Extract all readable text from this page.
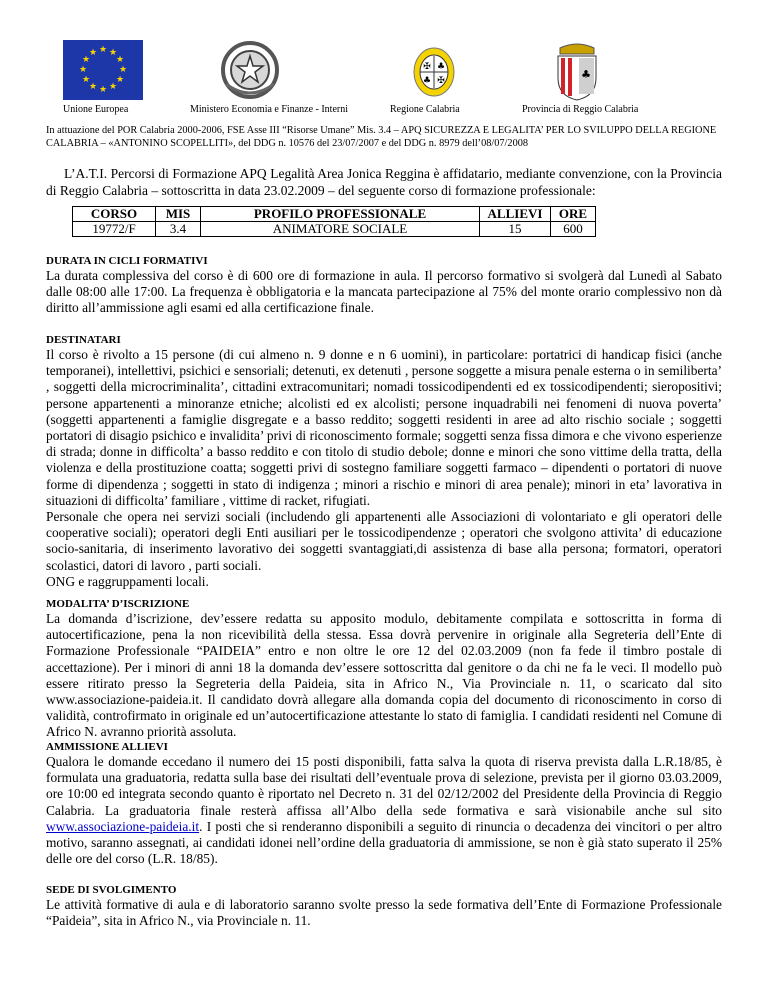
★ ★
★
★
★
★
★
★
★
★
★
★
Unione Europea	Ministero Economia e Finanze - Interni
✠ ♣
♣ ✠
Regione Calabria
♣
Provincia di Reggio Calabria
In attuazione del POR Calabria 2000-2006, FSE Asse III “Risorse Umane” Mis. 3.4 – APQ SICUREZZA E LEGALITA’ PER LO SVILUPPO DELLA REGIONE CALABRIA – «ANTONINO SCOPELLITI», del DDG n. 10576 del 23/07/2007 e del DDG n. 8979 dell’08/07/2008
L’A.T.I. Percorsi di Formazione APQ Legalità Area Jonica Reggina è affidatario, mediante convenzione, con la Provincia di Reggio Calabria – sottoscritta in data 23.02.2009 – del seguente corso di formazione professionale:
CORSO	MIS	PROFILO PROFESSIONALE	ALLIEVI	ORE
19772/F	3.4	ANIMATORE SOCIALE	15	600
DURATA IN CICLI FORMATIVI
La durata complessiva del corso è di 600 ore di formazione in aula. Il percorso formativo si svolgerà dal Lunedì al Sabato dalle 08:00 alle 17:00. La frequenza è obbligatoria e la mancata partecipazione al 75% del monte orario complessivo non dà diritto all’ammissione agli esami ed alla certificazione finale.
DESTINATARI
Il corso è rivolto a 15 persone (di cui almeno n. 9 donne e n 6 uomini), in particolare: portatrici di handicap fisici (anche temporanei), intellettivi, psichici e sensoriali; detenuti, ex detenuti , persone soggette a misura penale esterna o in semiliberta’ , soggetti della microcriminalita’, cittadini extracomunitari; nomadi tossicodipendenti ed ex tossicodipendenti; sieropositivi; persone appartenenti a minoranze etniche; alcolisti ed ex alcolisti; persone inquadrabili nei fenomeni di nuova poverta’ (soggetti appartenenti a famiglie disgregate e a basso reddito; soggetti residenti in aree ad alto rischio sociale ; soggetti portatori di disagio psichico e invalidita’ privi di riconoscimento formale; soggetti senza fissa dimora e che vivono esperienze di strada; donne in difficolta’ a basso reddito e con titolo di studio debole; donne e minori che sono vittime della tratta, della violenza e della prostituzione coatta; soggetti privi di sostegno familiare soggetti farmaco – dipendenti o portatori di nuove forme di dipendenza ; soggetti in stato di indigenza ; minori a rischio e minori di area penale); minori in eta’ lavorativa in situazioni di difficolta’ familiare , vittime di racket, rifugiati.
Personale che opera nei servizi sociali (includendo gli appartenenti alle Associazioni di volontariato e gli operatori delle cooperative sociali); operatori degli Enti ausiliari per le tossicodipendenze ; operatori che svolgono attivita’ di educazione socio-sanitaria, di inserimento lavorativo dei soggetti svantaggiati,di assistenza di base alla persona; formatori, operatori scolastici, datori di lavoro , parti sociali.
ONG e raggruppamenti locali.
MODALITA’ D’ISCRIZIONE
La domanda d’iscrizione, dev’essere redatta su apposito modulo, debitamente compilata e sottoscritta in forma di autocertificazione, pena la non ricevibilità della stessa. Essa dovrà pervenire in originale alla Segreteria dell’Ente di Formazione Professionale “PAIDEIA” entro e non oltre le ore 12 del 02.03.2009 (non fa fede il timbro postale di accettazione). Per i minori di anni 18 la domanda dev’essere sottoscritta dal genitore o da chi ne fa le veci. Il modello può essere ritirato presso la Segreteria della Paideia, sita in Africo N., Via Provinciale n. 11, o scaricato dal sito www.associazione-paideia.it. Il candidato dovrà allegare alla domanda copia del documento di riconoscimento in corso di validità, controfirmato in originale ed un’autocertificazione attestante lo stato di famiglia. I candidati residenti nel Comune di Africo N. avranno priorità assoluta.
AMMISSIONE ALLIEVI
Qualora le domande eccedano il numero dei 15 posti disponibili, fatta salva la quota di riserva prevista dalla L.R.18/85, è formulata una graduatoria, redatta sulla base dei risultati dell’eventuale prova di selezione, prevista per il giorno 03.03.2009, ore 10:00 ed integrata secondo quanto è riportato nel Decreto n. 31 del 02/12/2002 del Presidente della Provincia di Reggio Calabria. La graduatoria finale resterà affissa all’Albo della sede formativa e sarà visionabile anche sul sito www.associazione-paideia.it. I posti che si renderanno disponibili a seguito di rinuncia o decadenza dei vincitori o per altro motivo, saranno assegnati, ai candidati idonei nell’ordine della graduatoria di ammissione, se non è già stato superato il 25% delle ore del corso (L.R. 18/85).
SEDE DI SVOLGIMENTO
Le attività formative di aula e di laboratorio saranno svolte presso la sede formativa dell’Ente di Formazione Professionale “Paideia”, sita in Africo N., via Provinciale n. 11.
